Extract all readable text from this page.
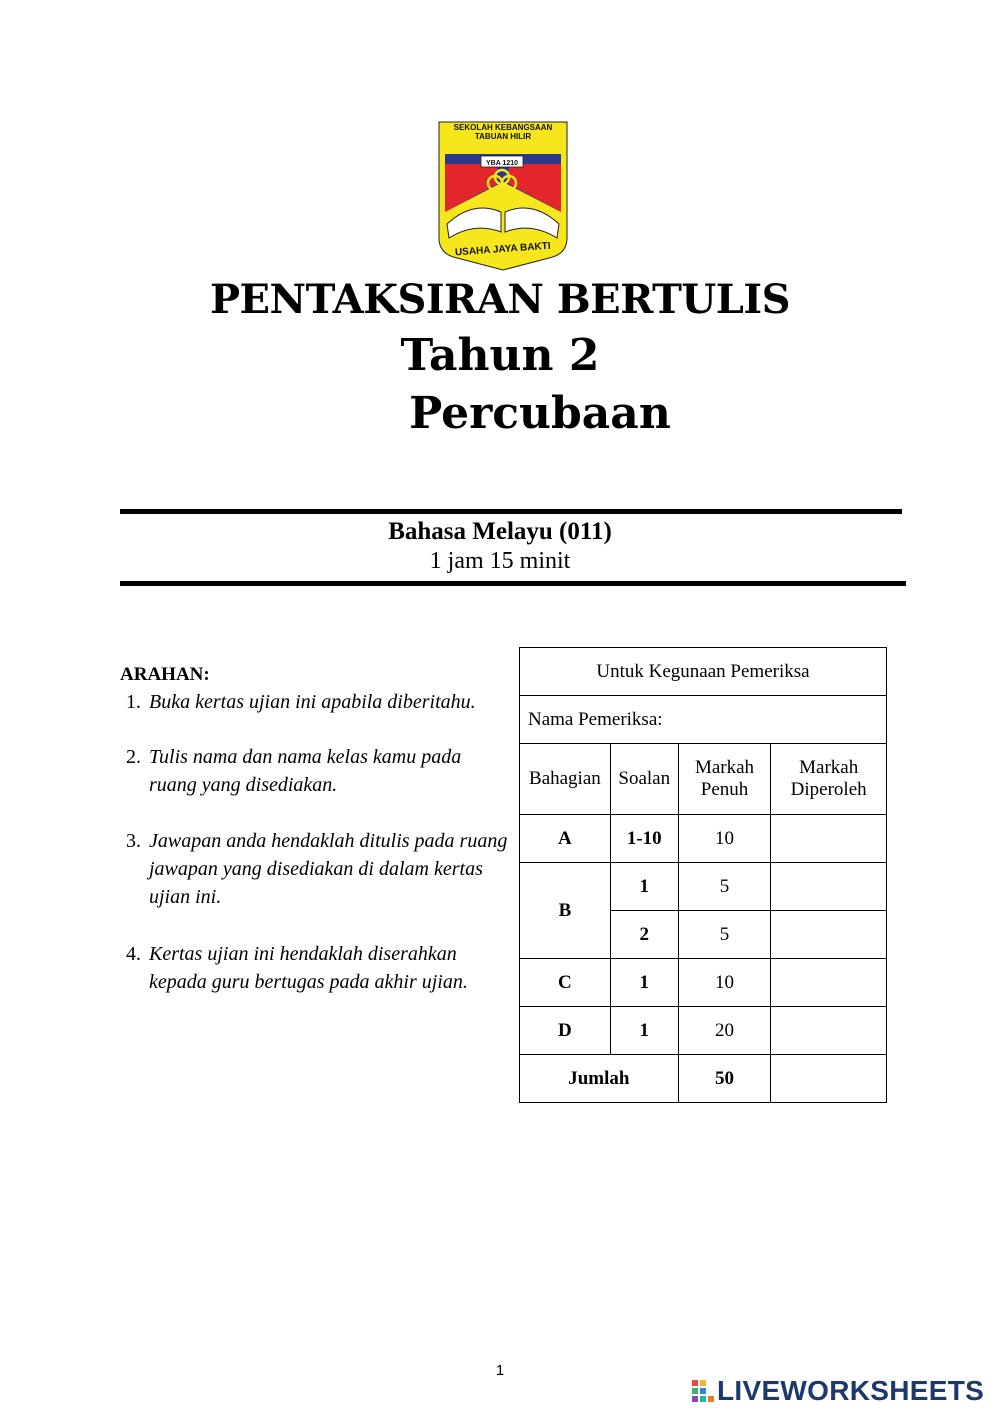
SEKOLAH KEBANGSAAN
TABUAN HILIR
YBA 1210
USAHA JAYA BAKTI
PENTAKSIRAN BERTULIS
Tahun 2
Percubaan
Bahasa Melayu (011)
1 jam 15 minit
ARAHAN:
1. Buka kertas ujian ini apabila diberitahu.
2. Tulis nama dan nama kelas kamu pada ruang yang disediakan.
3. Jawapan anda hendaklah ditulis pada ruang jawapan yang disediakan di dalam kertas ujian ini.
4. Kertas ujian ini hendaklah diserahkan kepada guru bertugas pada akhir ujian.
Untuk Kegunaan Pemeriksa			
Nama Pemeriksa:			
Bahagian	Soalan	Markah Penuh	Markah Diperoleh
A	1-10	10	
B	1	5	
	2	5	
C	1	10	
D	1	20	
Jumlah		50	
1
LIVEWORKSHEETS
